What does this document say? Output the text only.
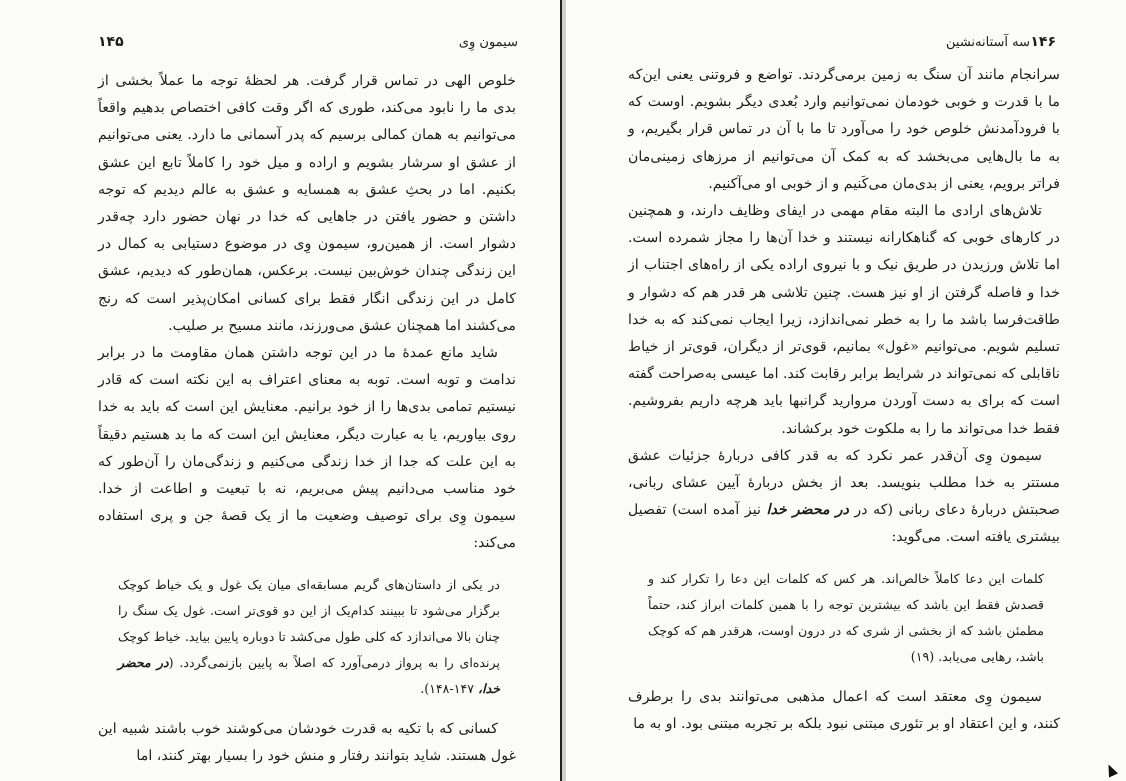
۱۴۵	سیمون وِی

خلوص الهی در تماس قرار گرفت. هر لحظهٔ توجه ما عملاً بخشی از بدی ما را نابود می‌کند، طوری که اگر وقت کافی اختصاص بدهیم واقعاً می‌توانیم به همان کمالی برسیم که پدر آسمانی ما دارد. یعنی می‌توانیم از عشق او سرشار بشویم و اراده و میل خود را کاملاً تابع این عشق بکنیم. اما در بحثِ عشق به همسایه و عشق به عالم دیدیم که توجه داشتن و حضور یافتن در جاهایی که خدا در نهان حضور دارد چه‌قدر دشوار است. از همین‌رو، سیمون وِی در موضوع دستیابی به کمال در این زندگی چندان خوش‌بین نیست. برعکس، همان‌طور که دیدیم، عشق کامل در این زندگی انگار فقط برای کسانی امکان‌پذیر است که رنج می‌کشند اما همچنان عشق می‌ورزند، مانند مسیح بر صلیب.

شاید مانع عمدهٔ ما در این توجه داشتن همان مقاومت ما در برابر ندامت و توبه است. توبه به معنای اعتراف به این نکته است که قادر نیستیم تمامی بدی‌ها را از خود برانیم. معنایش این است که باید به خدا روی بیاوریم، یا به عبارت دیگر، معنایش این است که ما بد هستیم دقیقاً به این علت که جدا از خدا زندگی می‌کنیم و زندگی‌مان را آن‌طور که خود مناسب می‌دانیم پیش می‌بریم، نه با تبعیت و اطاعت از خدا. سیمون وِی برای توصیف وضعیت ما از یک قصهٔ جن و پری استفاده می‌کند:

در یکی از داستان‌های گریم مسابقه‌ای میان یک غول و یک خیاط کوچک برگزار می‌شود تا ببینند کدام‌یک از این دو قوی‌تر است. غول یک سنگ را چنان بالا می‌اندازد که کلی طول می‌کشد تا دوباره پایین بیاید. خیاط کوچک پرنده‌ای را به پرواز درمی‌آورد که اصلاً به پایین بازنمی‌گردد. (در محضر خدا، ۱۴۷-۱۴۸).

کسانی که با تکیه به قدرت خودشان می‌کوشند خوب باشند شبیه این غول هستند. شاید بتوانند رفتار و منش خود را بسیار بهتر کنند، اما

سه آستانه‌نشین ۱۴۶

سرانجام مانند آن سنگ به زمین برمی‌گردند. تواضع و فروتنی یعنی این‌که ما با قدرت و خوبی خودمان نمی‌توانیم وارد بُعدی دیگر بشویم. اوست که با فرودآمدنش خلوص خود را می‌آورد تا ما با آن در تماس قرار بگیریم، و به ما بال‌هایی می‌بخشد که به کمک آن می‌توانیم از مرزهای زمینی‌مان فراتر برویم، یعنی از بدی‌مان می‌کَنیم و از خوبی او می‌آکنیم.

تلاش‌های ارادی ما البته مقام مهمی در ایفای وظایف دارند، و همچنین در کارهای خوبی که گناهکارانه نیستند و خدا آن‌ها را مجاز شمرده است. اما تلاش ورزیدن در طریق نیک و با نیروی اراده یکی از راه‌های اجتناب از خدا و فاصله گرفتن از او نیز هست. چنین تلاشی هر قدر هم که دشوار و طاقت‌فرسا باشد ما را به خطر نمی‌اندازد، زیرا ایجاب نمی‌کند که به خدا تسلیم شویم. می‌توانیم «غول» بمانیم، قوی‌تر از دیگران، قوی‌تر از خیاط ناقابلی که نمی‌تواند در شرایط برابر رقابت کند. اما عیسی به‌صراحت گفته است که برای به دست آوردن مروارید گرانبها باید هرچه داریم بفروشیم. فقط خدا می‌تواند ما را به ملکوت خود برکشاند.

سیمون وِی آن‌قدر عمر نکرد که به قدر کافی دربارهٔ جزئیات عشق مستتر به خدا مطلب بنویسد. بعد از بخش دربارهٔ آیین عشای ربانی، صحبتش دربارهٔ دعای ربانی (که در در محضر خدا نیز آمده است) تفصیل بیشتری یافته است. می‌گوید:

کلمات این دعا کاملاً خالص‌اند. هر کس که کلمات این دعا را تکرار کند و قصدش فقط این باشد که بیشترین توجه را با همین کلمات ابراز کند، حتماً مطمئن باشد که از بخشی از شری که در درون اوست، هرقدر هم که کوچک باشد، رهایی می‌یابد. (۱۹)

سیمون وِی معتقد است که اعمال مذهبی می‌توانند بدی را برطرف کنند، و این اعتقاد او بر تئوری مبتنی نبود بلکه بر تجربه مبتنی بود. او به ما
